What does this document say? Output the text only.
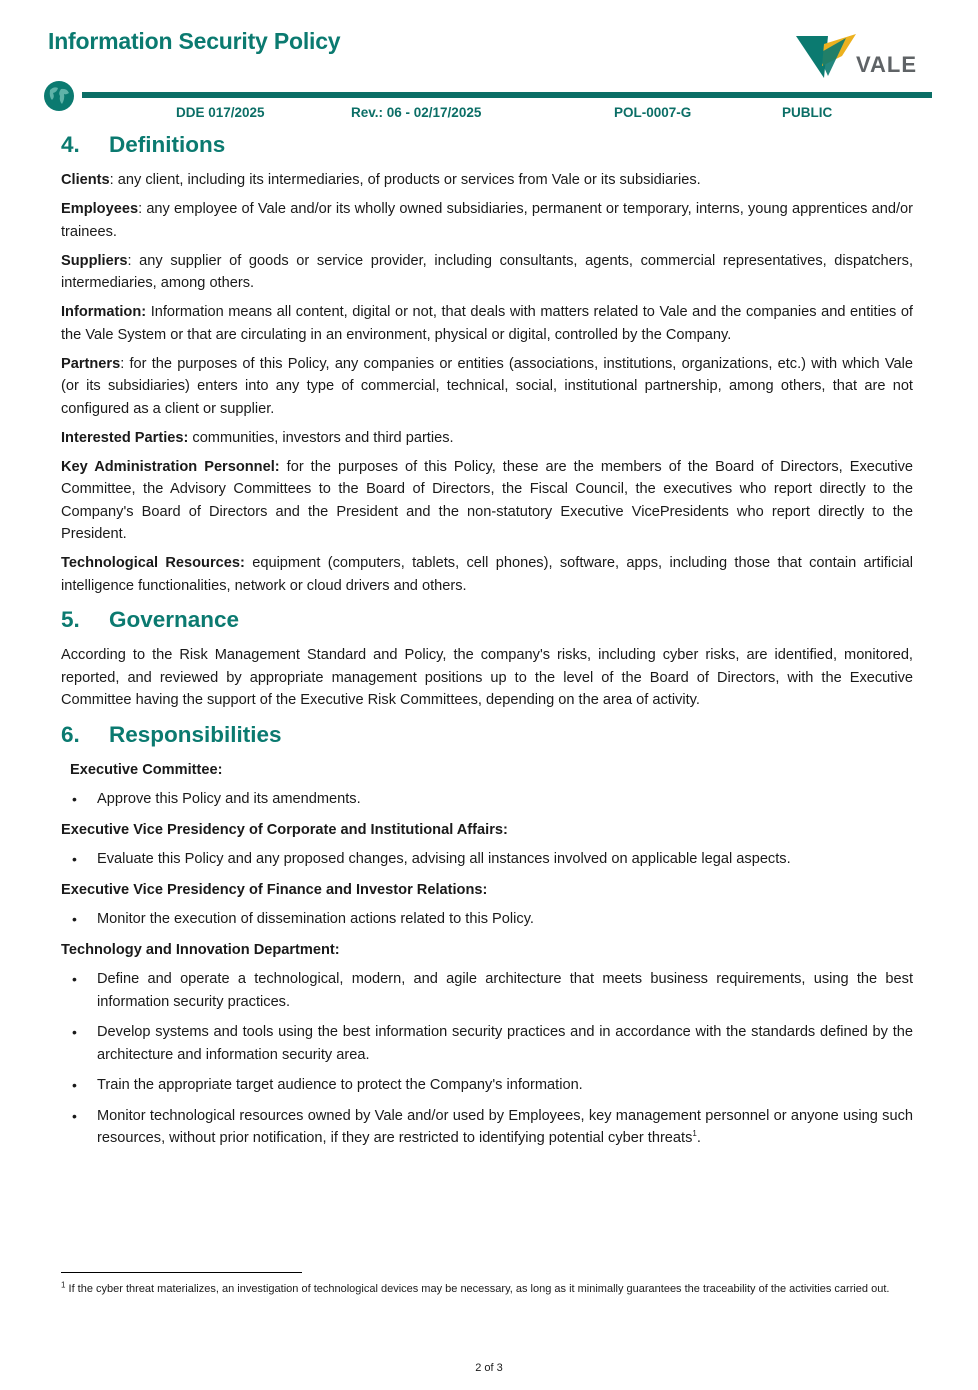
Information Security Policy
VALE
DDE 017/2025	Rev.: 06 - 02/17/2025	POL-0007-G	PUBLIC
4. Definitions

Clients: any client, including its intermediaries, of products or services from Vale or its subsidiaries.

Employees: any employee of Vale and/or its wholly owned subsidiaries, permanent or temporary, interns, young apprentices and/or trainees.

Suppliers: any supplier of goods or service provider, including consultants, agents, commercial representatives, dispatchers, intermediaries, among others.

Information: Information means all content, digital or not, that deals with matters related to Vale and the companies and entities of the Vale System or that are circulating in an environment, physical or digital, controlled by the Company.

Partners: for the purposes of this Policy, any companies or entities (associations, institutions, organizations, etc.) with which Vale (or its subsidiaries) enters into any type of commercial, technical, social, institutional partnership, among others, that are not configured as a client or supplier.

Interested Parties: communities, investors and third parties.

Key Administration Personnel: for the purposes of this Policy, these are the members of the Board of Directors, Executive Committee, the Advisory Committees to the Board of Directors, the Fiscal Council, the executives who report directly to the Company's Board of Directors and the President and the non-statutory Executive VicePresidents who report directly to the President.

Technological Resources: equipment (computers, tablets, cell phones), software, apps, including those that contain artificial intelligence functionalities, network or cloud drivers and others.

5. Governance

According to the Risk Management Standard and Policy, the company's risks, including cyber risks, are identified, monitored, reported, and reviewed by appropriate management positions up to the level of the Board of Directors, with the Executive Committee having the support of the Executive Risk Committees, depending on the area of activity.

6. Responsibilities
Executive Committee:
• Approve this Policy and its amendments.
Executive Vice Presidency of Corporate and Institutional Affairs:
• Evaluate this Policy and any proposed changes, advising all instances involved on applicable legal aspects.
Executive Vice Presidency of Finance and Investor Relations:
• Monitor the execution of dissemination actions related to this Policy.
Technology and Innovation Department:
• Define and operate a technological, modern, and agile architecture that meets business requirements, using the best information security practices.
• Develop systems and tools using the best information security practices and in accordance with the standards defined by the architecture and information security area.
• Train the appropriate target audience to protect the Company's information.
• Monitor technological resources owned by Vale and/or used by Employees, key management personnel or anyone using such resources, without prior notification, if they are restricted to identifying potential cyber threats$^1$.
$^1$ If the cyber threat materializes, an investigation of technological devices may be necessary, as long as it minimally guarantees the traceability of the activities carried out.
2 of 3
